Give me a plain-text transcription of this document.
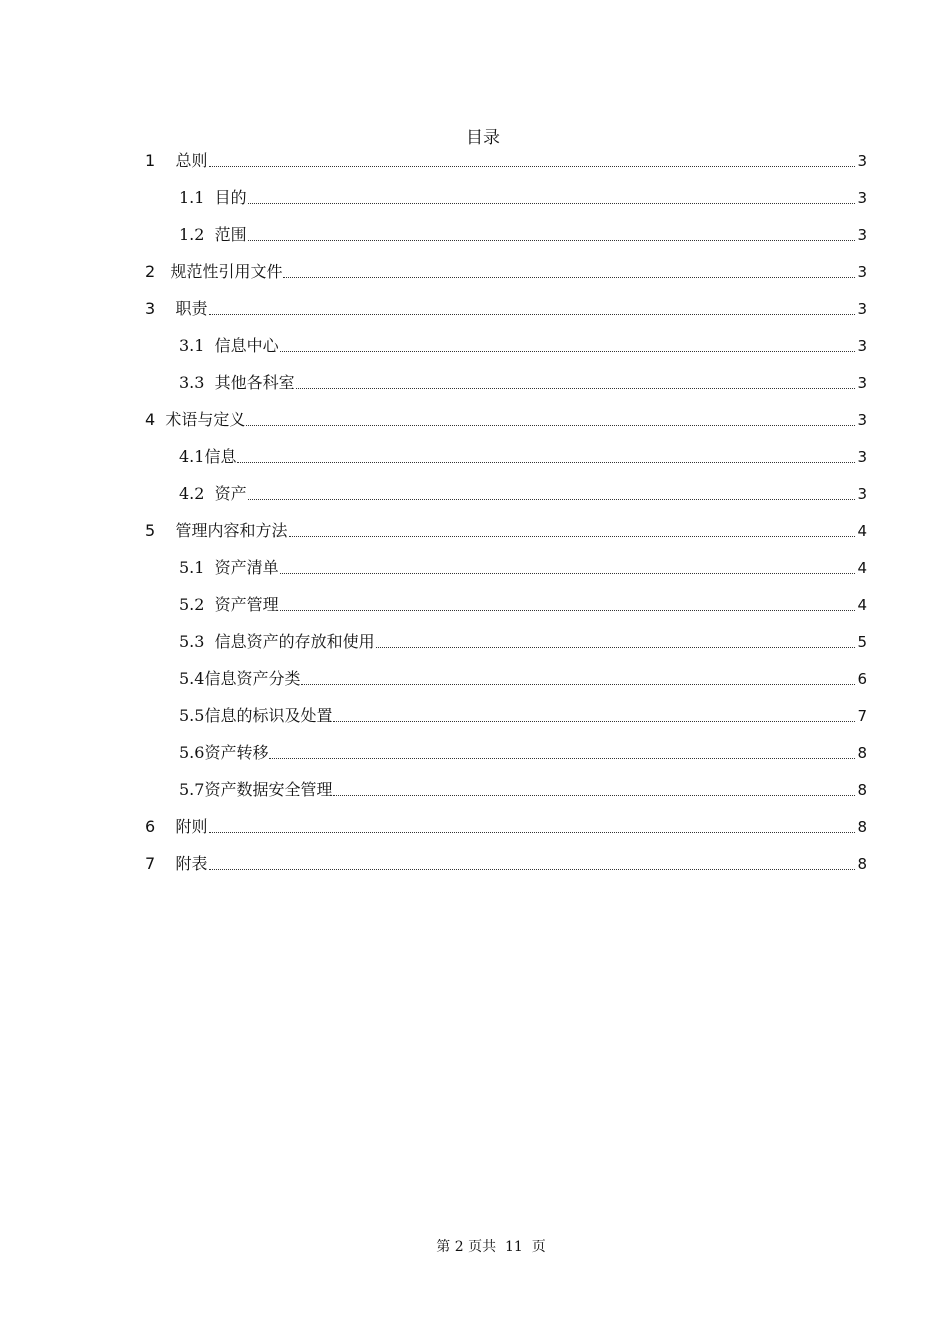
目录
1    总则	3
1.1  目的	3
1.2  范围	3
2   规范性引用文件	3
3    职责	3
3.1  信息中心	3
3.3  其他各科室	3
4  术语与定义	3
4.1信息	3
4.2  资产	3
5    管理内容和方法	4
5.1  资产清单	4
5.2  资产管理	4
5.3  信息资产的存放和使用	5
5.4信息资产分类	6
5.5信息的标识及处置	7
5.6资产转移	8
5.7资产数据安全管理	8
6    附则	8
7    附表	8
第 2 页共  11  页
